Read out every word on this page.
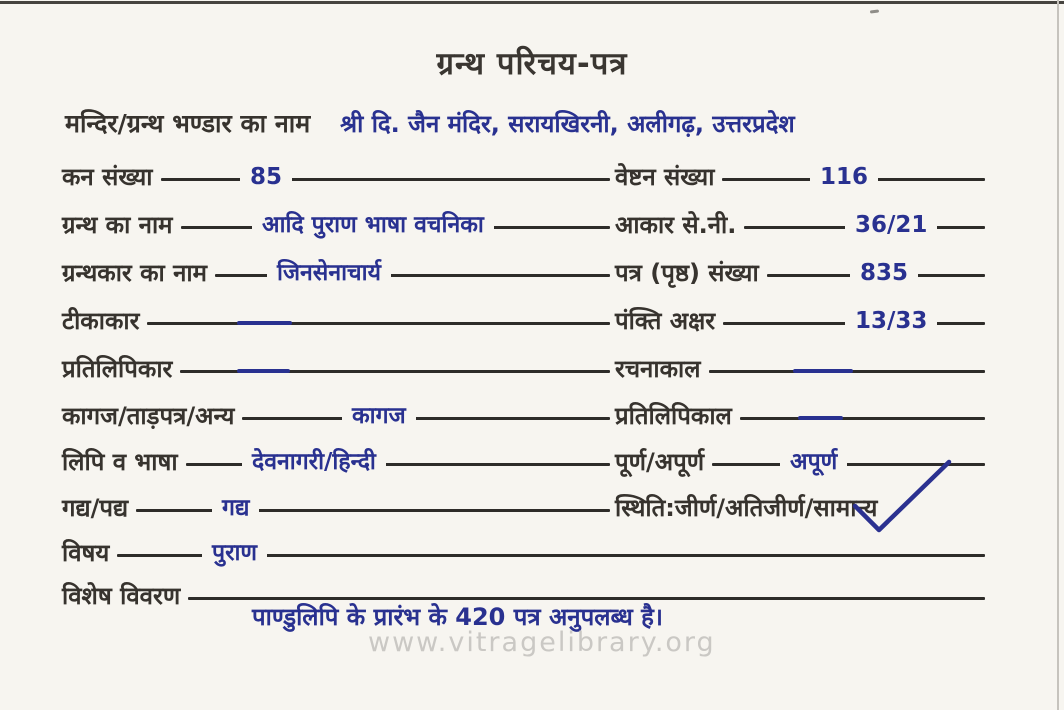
ग्रन्थ परिचय-पत्र
मन्दिर/ग्रन्थ भण्डार का नाम श्री दि. जैन मंदिर, सरायखिरनी, अलीगढ़, उत्तरप्रदेश
कन संख्या	85
ग्रन्थ का नाम	आदि पुराण भाषा वचनिका
ग्रन्थकार का नाम	जिनसेनाचार्य
टीकाकार
प्रतिलिपिकार
कागज/ताड़पत्र/अन्य	कागज
लिपि व भाषा	देवनागरी/हिन्दी
गद्य/पद्य	गद्य
विषय	पुराण
विशेष विवरण
पाण्डुलिपि के प्रारंभ के 420 पत्र अनुपलब्ध है।
वेष्टन संख्या	116
आकार से.नी.	36/21
पत्र (पृष्ठ) संख्या	835
पंक्ति अक्षर	13/33
रचनाकाल
प्रतिलिपिकाल
पूर्ण/अपूर्ण	अपूर्ण
स्थिति:जीर्ण/अतिजीर्ण/सामान्य
www.vitragelibrary.org
